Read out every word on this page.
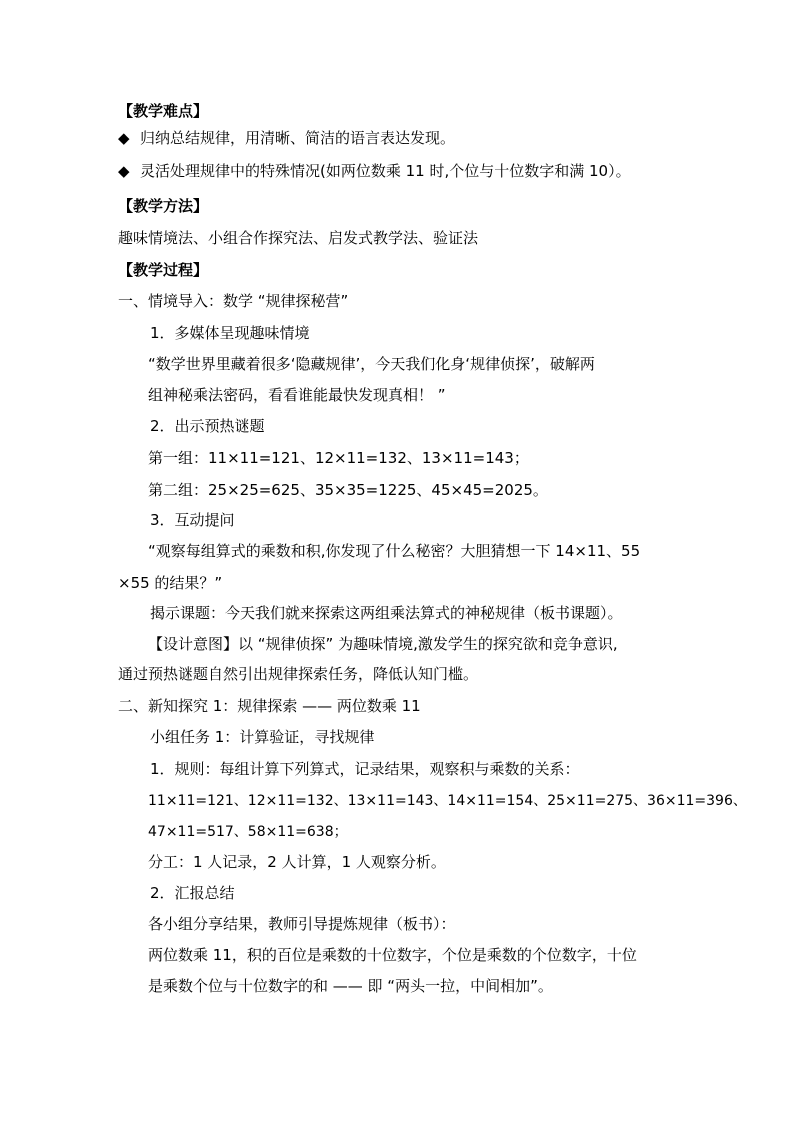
【教学难点】
◆ 归纳总结规律，用清晰、简洁的语言表达发现。
◆ 灵活处理规律中的特殊情况(如两位数乘 11 时,个位与十位数字和满 10）。
【教学方法】
趣味情境法、小组合作探究法、启发式教学法、验证法
【教学过程】
一、情境导入：数学 “规律探秘营”
1．多媒体呈现趣味情境
“数学世界里藏着很多‘隐藏规律’，今天我们化身‘规律侦探’，破解两
组神秘乘法密码，看看谁能最快发现真相！ ”
2．出示预热谜题
第一组：11×11=121、12×11=132、13×11=143；
第二组：25×25=625、35×35=1225、45×45=2025。
3．互动提问
“观察每组算式的乘数和积,你发现了什么秘密？大胆猜想一下 14×11、55
×55 的结果？”
揭示课题：今天我们就来探索这两组乘法算式的神秘规律（板书课题）。
【设计意图】以 “规律侦探” 为趣味情境,激发学生的探究欲和竞争意识,
通过预热谜题自然引出规律探索任务，降低认知门槛。
二、新知探究 1：规律探索 —— 两位数乘 11
小组任务 1：计算验证，寻找规律
1．规则：每组计算下列算式，记录结果，观察积与乘数的关系：
11×11=121、12×11=132、13×11=143、14×11=154、25×11=275、36×11=396、
47×11=517、58×11=638；
分工：1 人记录，2 人计算，1 人观察分析。
2．汇报总结
各小组分享结果，教师引导提炼规律（板书）：
两位数乘 11，积的百位是乘数的十位数字，个位是乘数的个位数字，十位
是乘数个位与十位数字的和 —— 即 “两头一拉，中间相加”。
